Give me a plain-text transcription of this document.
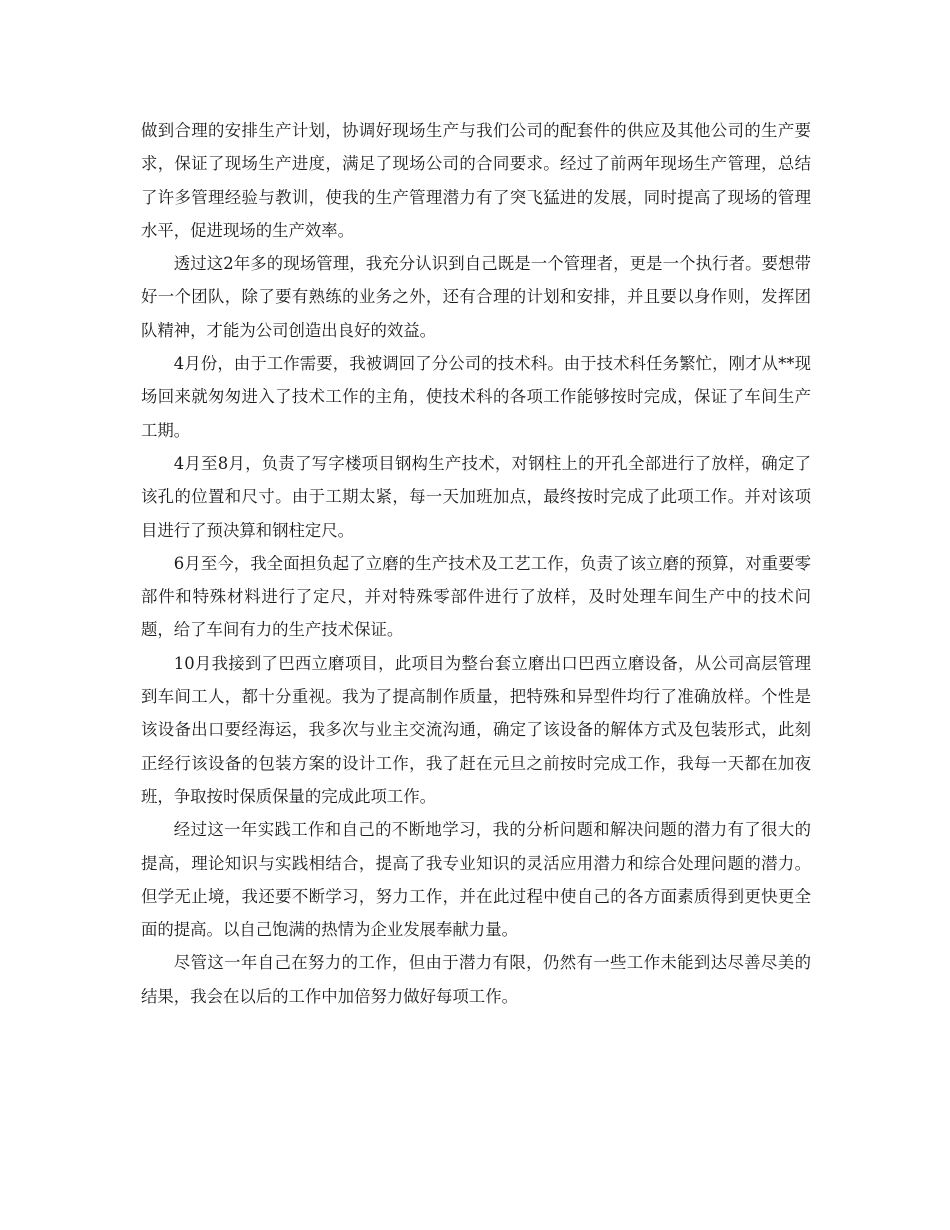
做到合理的安排生产计划，协调好现场生产与我们公司的配套件的供应及其他公司的生产要求，保证了现场生产进度，满足了现场公司的合同要求。经过了前两年现场生产管理，总结了许多管理经验与教训，使我的生产管理潜力有了突飞猛进的发展，同时提高了现场的管理水平，促进现场的生产效率。

透过这2年多的现场管理，我充分认识到自己既是一个管理者，更是一个执行者。要想带好一个团队，除了要有熟练的业务之外，还有合理的计划和安排，并且要以身作则，发挥团队精神，才能为公司创造出良好的效益。

4月份，由于工作需要，我被调回了分公司的技术科。由于技术科任务繁忙，刚才从**现场回来就匆匆进入了技术工作的主角，使技术科的各项工作能够按时完成，保证了车间生产工期。

4月至8月，负责了写字楼项目钢构生产技术，对钢柱上的开孔全部进行了放样，确定了该孔的位置和尺寸。由于工期太紧，每一天加班加点，最终按时完成了此项工作。并对该项目进行了预决算和钢柱定尺。

6月至今，我全面担负起了立磨的生产技术及工艺工作，负责了该立磨的预算，对重要零部件和特殊材料进行了定尺，并对特殊零部件进行了放样，及时处理车间生产中的技术问题，给了车间有力的生产技术保证。

10月我接到了巴西立磨项目，此项目为整台套立磨出口巴西立磨设备，从公司高层管理到车间工人，都十分重视。我为了提高制作质量，把特殊和异型件均行了准确放样。个性是该设备出口要经海运，我多次与业主交流沟通，确定了该设备的解体方式及包装形式，此刻正经行该设备的包装方案的设计工作，我了赶在元旦之前按时完成工作，我每一天都在加夜班，争取按时保质保量的完成此项工作。

经过这一年实践工作和自己的不断地学习，我的分析问题和解决问题的潜力有了很大的提高，理论知识与实践相结合，提高了我专业知识的灵活应用潜力和综合处理问题的潜力。但学无止境，我还要不断学习，努力工作，并在此过程中使自己的各方面素质得到更快更全面的提高。以自己饱满的热情为企业发展奉献力量。

尽管这一年自己在努力的工作，但由于潜力有限，仍然有一些工作未能到达尽善尽美的结果，我会在以后的工作中加倍努力做好每项工作。
